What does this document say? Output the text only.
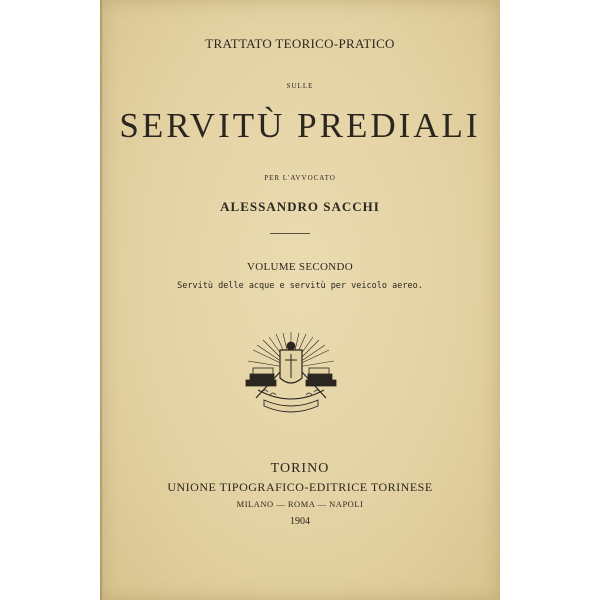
TRATTATO TEORICO-PRATICO
SULLE
SERVITÙ PREDIALI
PER L'AVVOCATO
ALESSANDRO SACCHI
VOLUME SECONDO
Servitù delle acque e servitù per veicolo aereo.
TORINO
UNIONE TIPOGRAFICO-EDITRICE TORINESE
MILANO — ROMA — NAPOLI
1904
